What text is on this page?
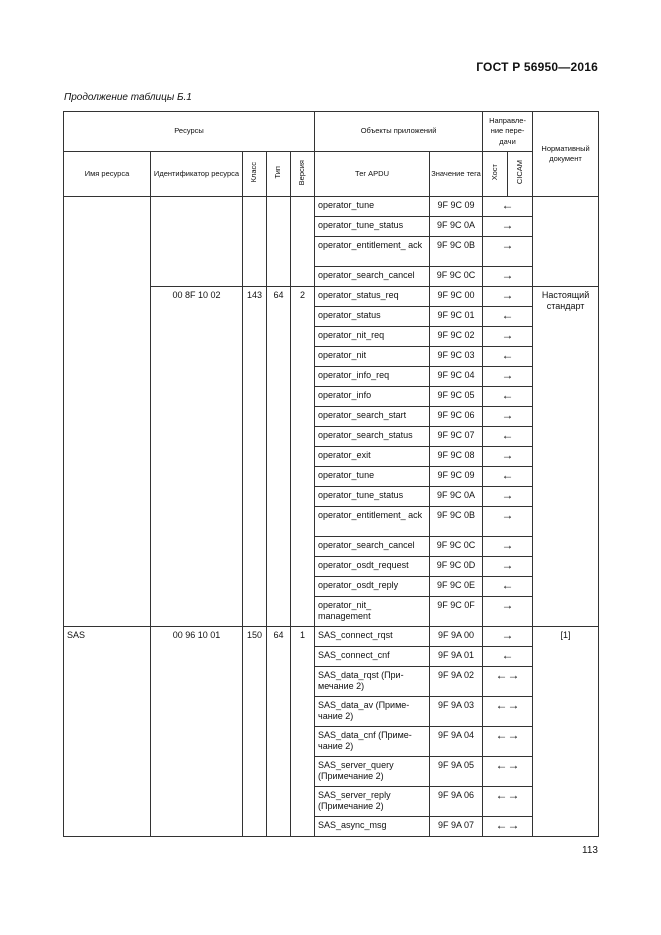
ГОСТ Р 56950—2016
Продолжение таблицы Б.1
Ресурсы					Объекты приложений		Направле-ние пере-дачи		Нормативный документ
Имя ресурса	Идентификатор ресурса	Класс	Тип	Версия	Тег APDU	Значение тега	Хост	CICAM	
					operator_tune	9F 9C 09	←		
					operator_tune_status	9F 9C 0A	→		
					operator_entitlement_ ack	9F 9C 0B	→		
					operator_search_cancel	9F 9C 0C	→		
	00 8F 10 02	143	64	2	operator_status_req	9F 9C 00	→		Настоящий стандарт
					operator_status	9F 9C 01	←		
					operator_nit_req	9F 9C 02	→		
					operator_nit	9F 9C 03	←		
					operator_info_req	9F 9C 04	→		
					operator_info	9F 9C 05	←		
					operator_search_start	9F 9C 06	→		
					operator_search_status	9F 9C 07	←		
					operator_exit	9F 9C 08	→		
					operator_tune	9F 9C 09	←		
					operator_tune_status	9F 9C 0A	→		
					operator_entitlement_ ack	9F 9C 0B	→		
					operator_search_cancel	9F 9C 0C	→		
					operator_osdt_request	9F 9C 0D	→		
					operator_osdt_reply	9F 9C 0E	←		
					operator_nit_ management	9F 9C 0F	→		
SAS	00 96 10 01	150	64	1	SAS_connect_rqst	9F 9A 00	→		[1]
					SAS_connect_cnf	9F 9A 01	←		
					SAS_data_rqst (При-мечание 2)	9F 9A 02	←→		
					SAS_data_av (Приме-чание 2)	9F 9A 03	←→		
					SAS_data_cnf (Приме-чание 2)	9F 9A 04	←→		
					SAS_server_query (Примечание 2)	9F 9A 05	←→		
					SAS_server_reply (Примечание 2)	9F 9A 06	←→		
					SAS_async_msg	9F 9A 07	←→		
113
